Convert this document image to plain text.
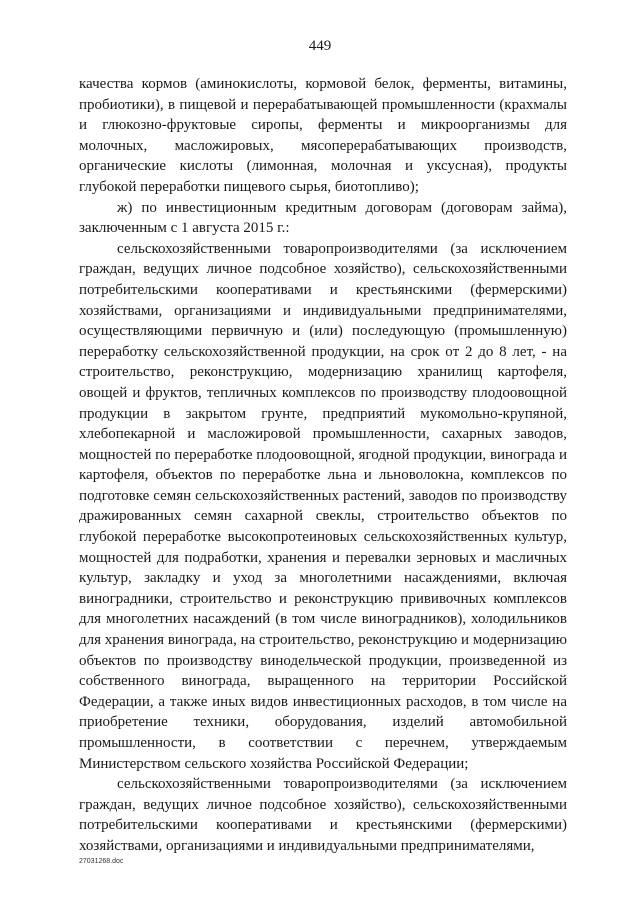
449

качества кормов (аминокислоты, кормовой белок, ферменты, витамины, пробиотики), в пищевой и перерабатывающей промышленности (крахмалы и глюкозно-фруктовые сиропы, ферменты и микроорганизмы для молочных, масложировых, мясоперерабатывающих производств, органические кислоты (лимонная, молочная и уксусная), продукты глубокой переработки пищевого сырья, биотопливо);

ж) по инвестиционным кредитным договорам (договорам займа), заключенным с 1 августа 2015 г.:

сельскохозяйственными товаропроизводителями (за исключением граждан, ведущих личное подсобное хозяйство), сельскохозяйственными потребительскими кооперативами и крестьянскими (фермерскими) хозяйствами, организациями и индивидуальными предпринимателями, осуществляющими первичную и (или) последующую (промышленную) переработку сельскохозяйственной продукции, на срок от 2 до 8 лет, - на строительство, реконструкцию, модернизацию хранилищ картофеля, овощей и фруктов, тепличных комплексов по производству плодоовощной продукции в закрытом грунте, предприятий мукомольно-крупяной, хлебопекарной и масложировой промышленности, сахарных заводов, мощностей по переработке плодоовощной, ягодной продукции, винограда и картофеля, объектов по переработке льна и льноволокна, комплексов по подготовке семян сельскохозяйственных растений, заводов по производству дражированных семян сахарной свеклы, строительство объектов по глубокой переработке высокопротеиновых сельскохозяйственных культур, мощностей для подработки, хранения и перевалки зерновых и масличных культур, закладку и уход за многолетними насаждениями, включая виноградники, строительство и реконструкцию прививочных комплексов для многолетних насаждений (в том числе виноградников), холодильников для хранения винограда, на строительство, реконструкцию и модернизацию объектов по производству винодельческой продукции, произведенной из собственного винограда, выращенного на территории Российской Федерации, а также иных видов инвестиционных расходов, в том числе на приобретение техники, оборудования, изделий автомобильной промышленности, в соответствии с перечнем, утверждаемым Министерством сельского хозяйства Российской Федерации;

сельскохозяйственными товаропроизводителями (за исключением граждан, ведущих личное подсобное хозяйство), сельскохозяйственными потребительскими кооперативами и крестьянскими (фермерскими) хозяйствами, организациями и индивидуальными предпринимателями,

27031268.doc
